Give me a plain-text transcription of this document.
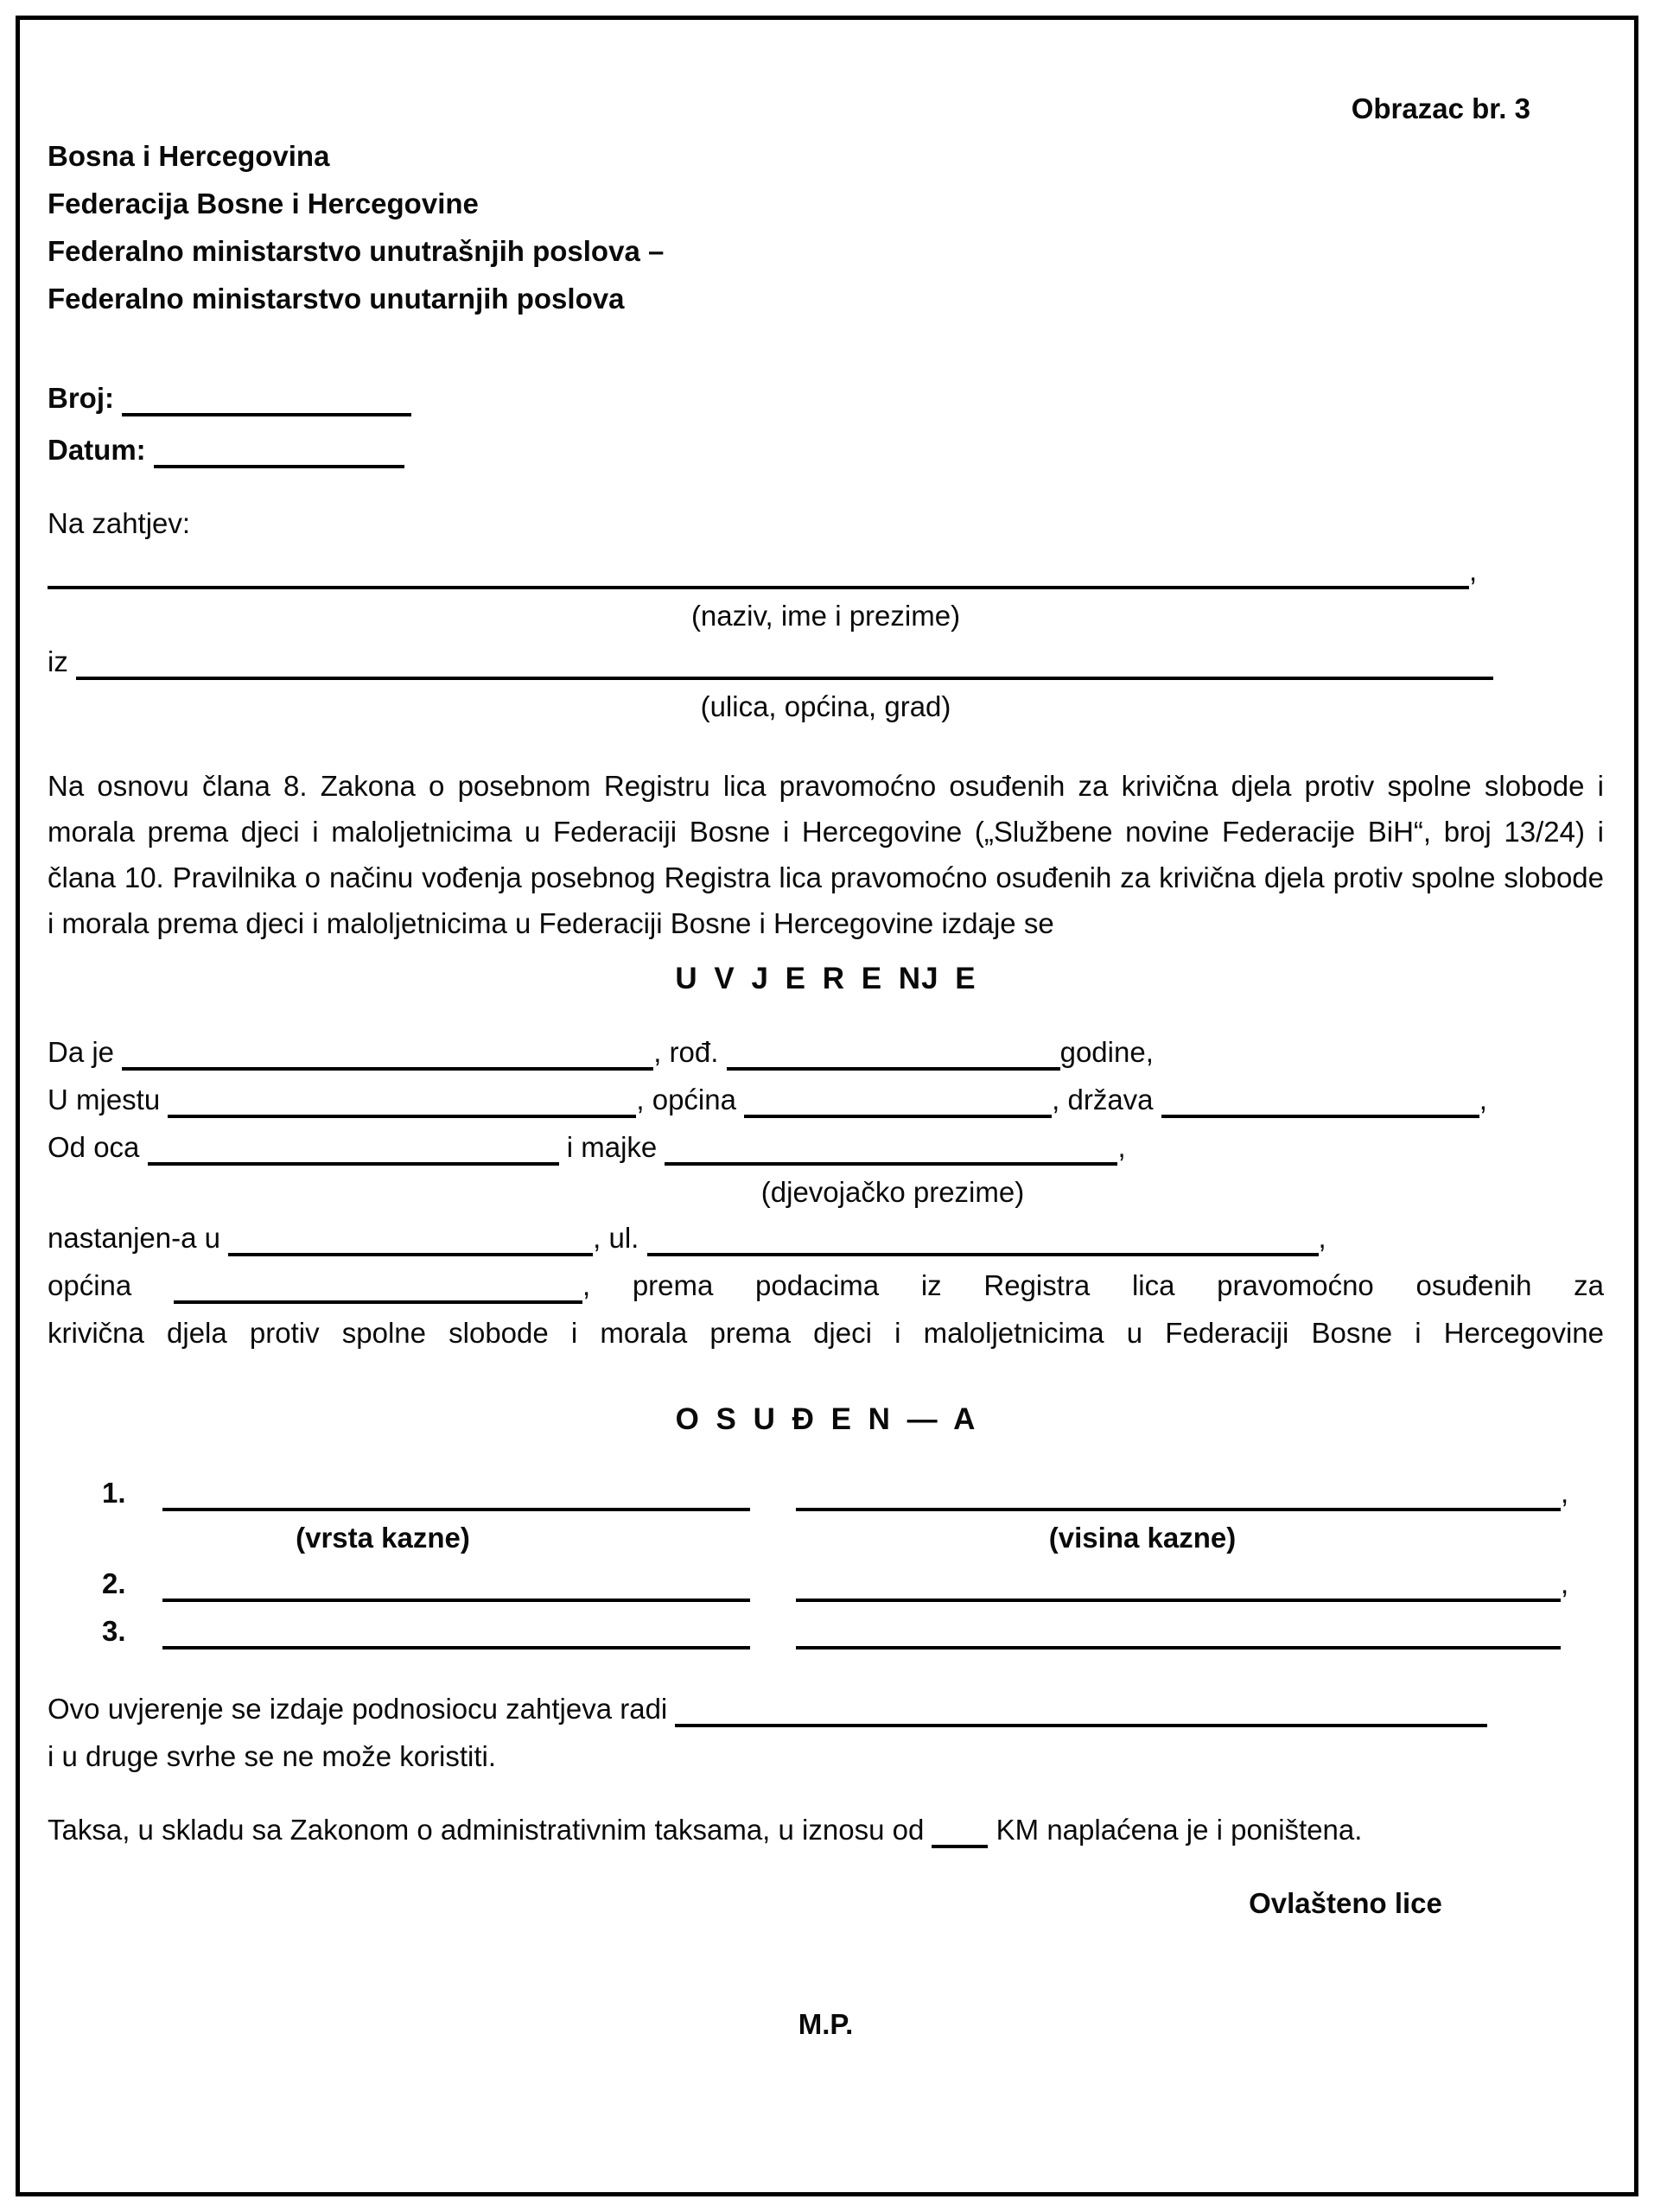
Obrazac br. 3
Bosna i Hercegovina
Federacija Bosne i Hercegovine
Federalno ministarstvo unutrašnjih poslova –
Federalno ministarstvo unutarnjih poslova
Broj:
Datum:
Na zahtjev:
,
(naziv, ime i prezime)
iz
(ulica, općina, grad)
Na osnovu člana 8. Zakona o posebnom Registru lica pravomoćno osuđenih za krivična djela protiv spolne slobode i morala prema djeci i maloljetnicima u Federaciji Bosne i Hercegovine („Službene novine Federacije BiH“, broj 13/24) i člana 10. Pravilnika o načinu vođenja posebnog Registra lica pravomoćno osuđenih za krivična djela protiv spolne slobode i morala prema djeci i maloljetnicima u Federaciji Bosne i Hercegovine izdaje se
U V J E R E NJ E
Da je	, rođ.	godine,
U mjestu	, općina	, država	,
Od oca	i majke	,
(djevojačko prezime)
nastanjen-a u	, ul.	,
općina	, prema podacima iz Registra lica pravomoćno osuđenih za
krivična djela protiv spolne slobode i morala prema djeci i maloljetnicima u Federaciji Bosne i Hercegovine
O S U Đ E N — A
1.	,
(vrsta kazne)	(visina kazne)
2.	,
3.
Ovo uvjerenje se izdaje podnosiocu zahtjeva radi
i u druge svrhe se ne može koristiti.
Taksa, u skladu sa Zakonom o administrativnim taksama, u iznosu od	KM naplaćena je i poništena.
Ovlašteno lice
M.P.
